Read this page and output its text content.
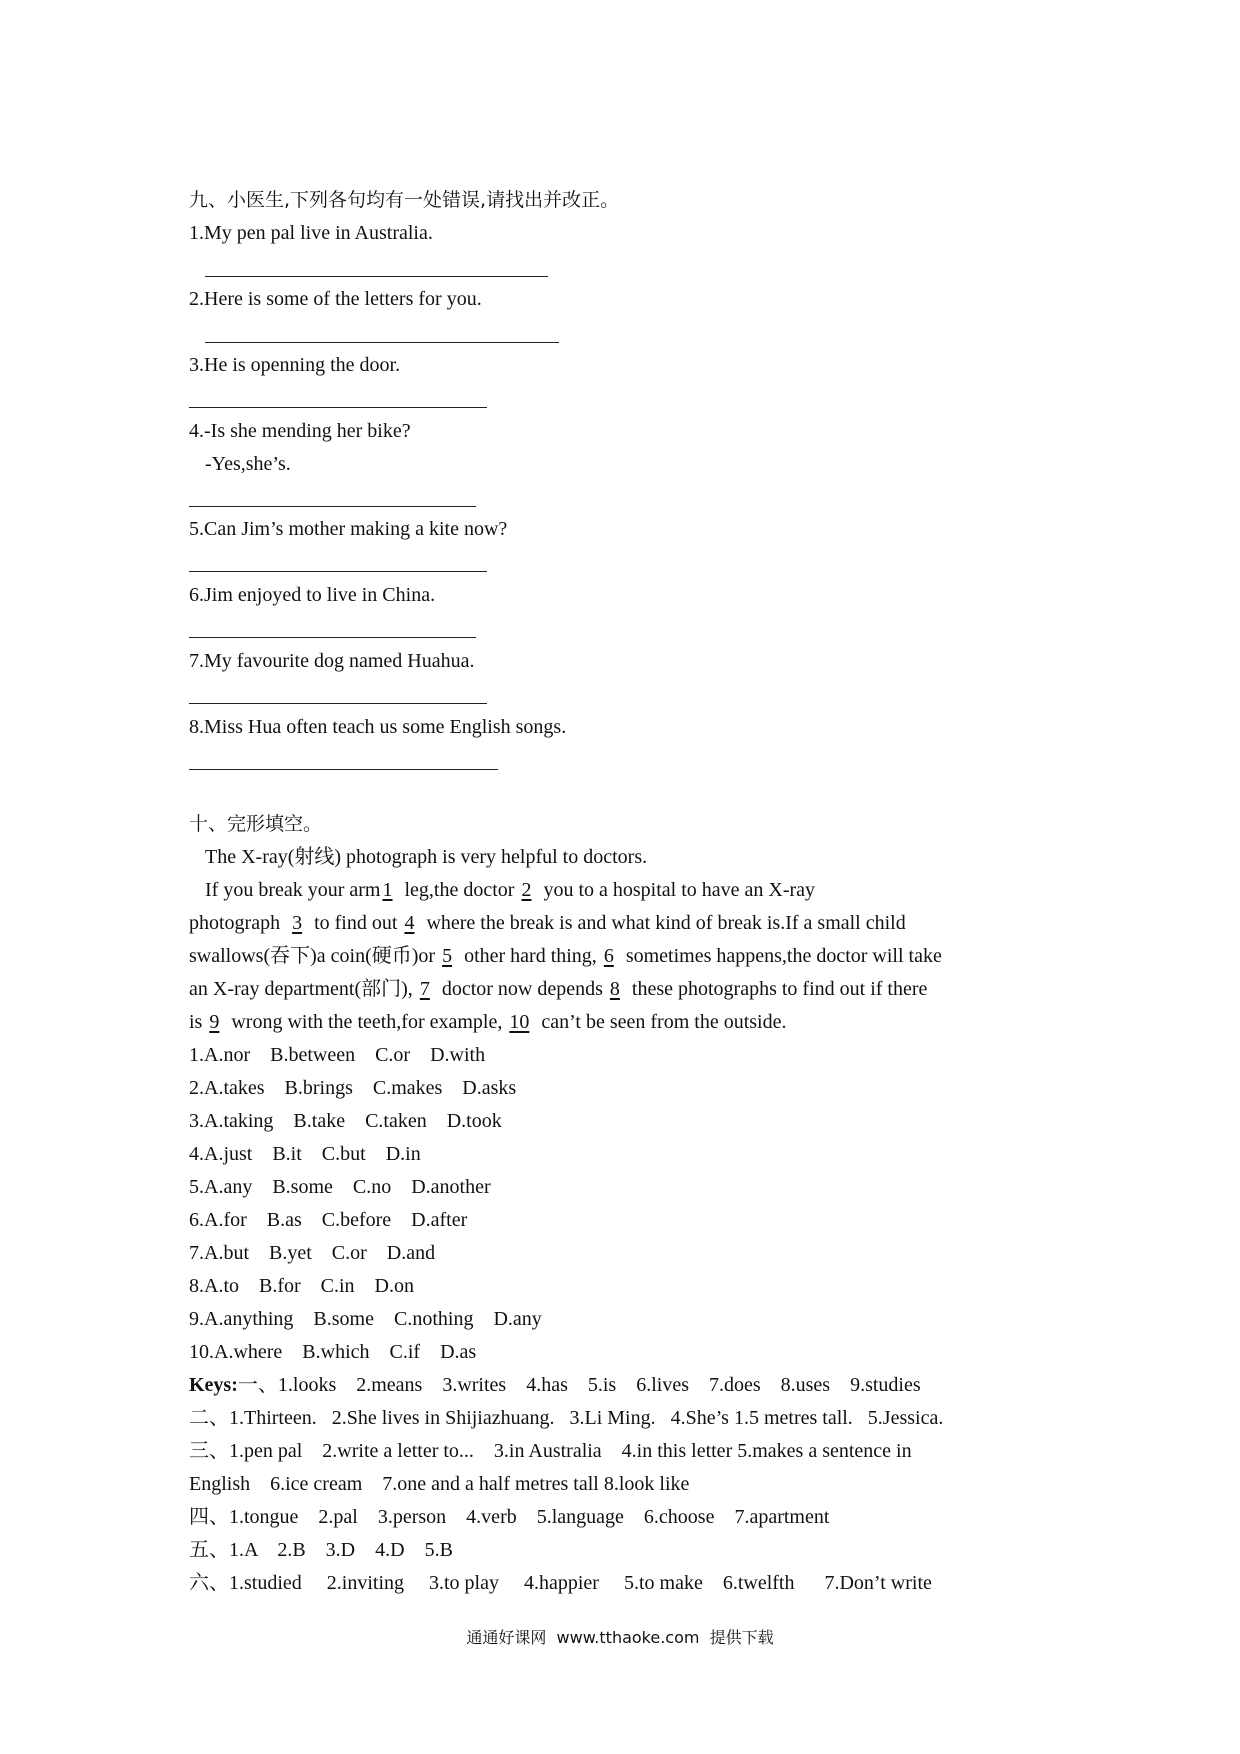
九、小医生,下列各句均有一处错误,请找出并改正。
1.My pen pal live in Australia.
2.Here is some of the letters for you.
3.He is openning the door.
4.-Is she mending her bike?
-Yes,she’s.
5.Can Jim’s mother making a kite now?
6.Jim enjoyed to live in China.
7.My favourite dog named Huahua.
8.Miss Hua often teach us some English songs.
十、完形填空。
The X-ray(射线) photograph is very helpful to doctors.
If you break your arm 1 leg,the doctor 2 you to a hospital to have an X-ray
photograph 3 to find out 4 where the break is and what kind of break is.If a small child
swallows(吞下)a coin(硬币)or 5 other hard thing, 6 sometimes happens,the doctor will take
an X-ray department(部门), 7 doctor now depends 8 these photographs to find out if there
is 9 wrong with the teeth,for example, 10 can’t be seen from the outside.
1.A.nor    B.between    C.or    D.with
2.A.takes    B.brings    C.makes    D.asks
3.A.taking    B.take    C.taken    D.took
4.A.just    B.it    C.but    D.in
5.A.any    B.some    C.no    D.another
6.A.for    B.as    C.before    D.after
7.A.but    B.yet    C.or    D.and
8.A.to    B.for    C.in    D.on
9.A.anything    B.some    C.nothing    D.any
10.A.where    B.which    C.if    D.as
Keys:一、1.looks    2.means    3.writes    4.has    5.is    6.lives    7.does    8.uses    9.studies
二、1.Thirteen.   2.She lives in Shijiazhuang.   3.Li Ming.   4.She’s 1.5 metres tall.   5.Jessica.
三、1.pen pal    2.write a letter to...    3.in Australia    4.in this letter 5.makes a sentence in
English    6.ice cream    7.one and a half metres tall 8.look like
四、1.tongue    2.pal    3.person    4.verb    5.language    6.choose    7.apartment
五、1.A    2.B    3.D    4.D    5.B
六、1.studied     2.inviting     3.to play     4.happier     5.to make    6.twelfth      7.Don’t write
通通好课网  www.tthaoke.com  提供下载
